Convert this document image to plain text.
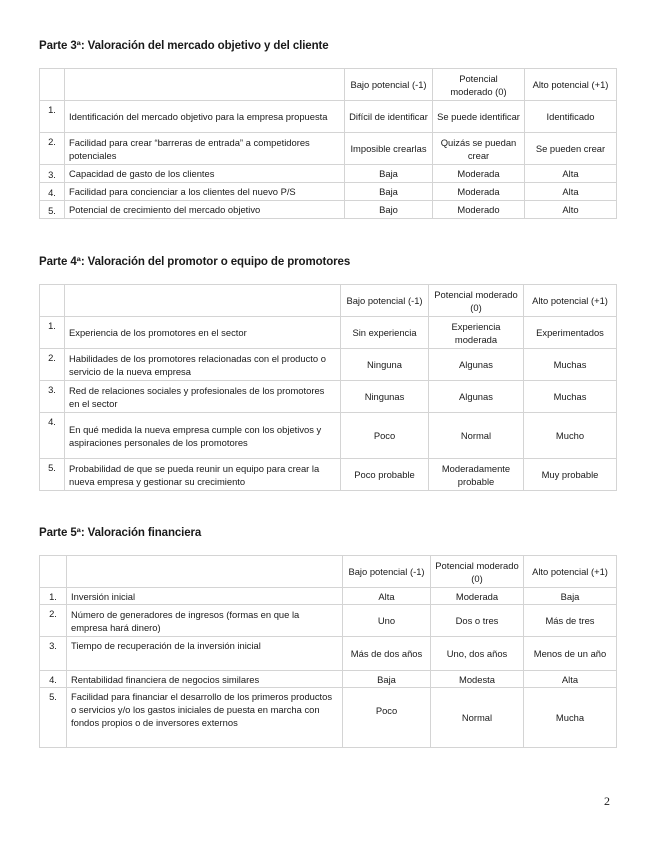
Parte 3ª: Valoración del mercado objetivo y del cliente
		Bajo potencial (-1)	Potencial moderado (0)	Alto potencial (+1)
1.	Identificación del mercado objetivo para la empresa propuesta	Difícil de identificar	Se puede identificar	Identificado
2.	Facilidad para crear “barreras de entrada” a competidores potenciales	Imposible crearlas	Quizás se puedan crear	Se pueden crear
3.	Capacidad de gasto de los clientes	Baja	Moderada	Alta
4.	Facilidad para concienciar a los clientes del nuevo P/S	Baja	Moderada	Alta
5.	Potencial de crecimiento del mercado objetivo	Bajo	Moderado	Alto
Parte 4ª: Valoración del promotor o equipo de promotores
		Bajo potencial (-1)	Potencial moderado (0)	Alto potencial (+1)
1.	Experiencia de los promotores en el sector	Sin experiencia	Experiencia moderada	Experimentados
2.	Habilidades de los promotores relacionadas con el producto o servicio de la nueva empresa	Ninguna	Algunas	Muchas
3.	Red de relaciones sociales y profesionales de los promotores en el sector	Ningunas	Algunas	Muchas
4.	En qué medida la nueva empresa cumple con los objetivos y aspiraciones personales de los promotores	Poco	Normal	Mucho
5.	Probabilidad de que se pueda reunir un equipo para crear la nueva empresa y gestionar su crecimiento	Poco probable	Moderadamente probable	Muy probable
Parte 5ª: Valoración financiera
		Bajo potencial (-1)	Potencial moderado (0)	Alto potencial (+1)
1.	Inversión inicial	Alta	Moderada	Baja
2.	Número de generadores de ingresos (formas en que la empresa hará dinero)	Uno	Dos o tres	Más de tres
3.	Tiempo de recuperación de la inversión inicial	Más de dos años	Uno, dos años	Menos de un año
4.	Rentabilidad financiera de negocios similares	Baja	Modesta	Alta
5.	Facilidad para financiar el desarrollo de los primeros productos o servicios y/o los gastos iniciales de puesta en marcha con fondos propios o de inversores externos	Poco	Normal	Mucha
2
